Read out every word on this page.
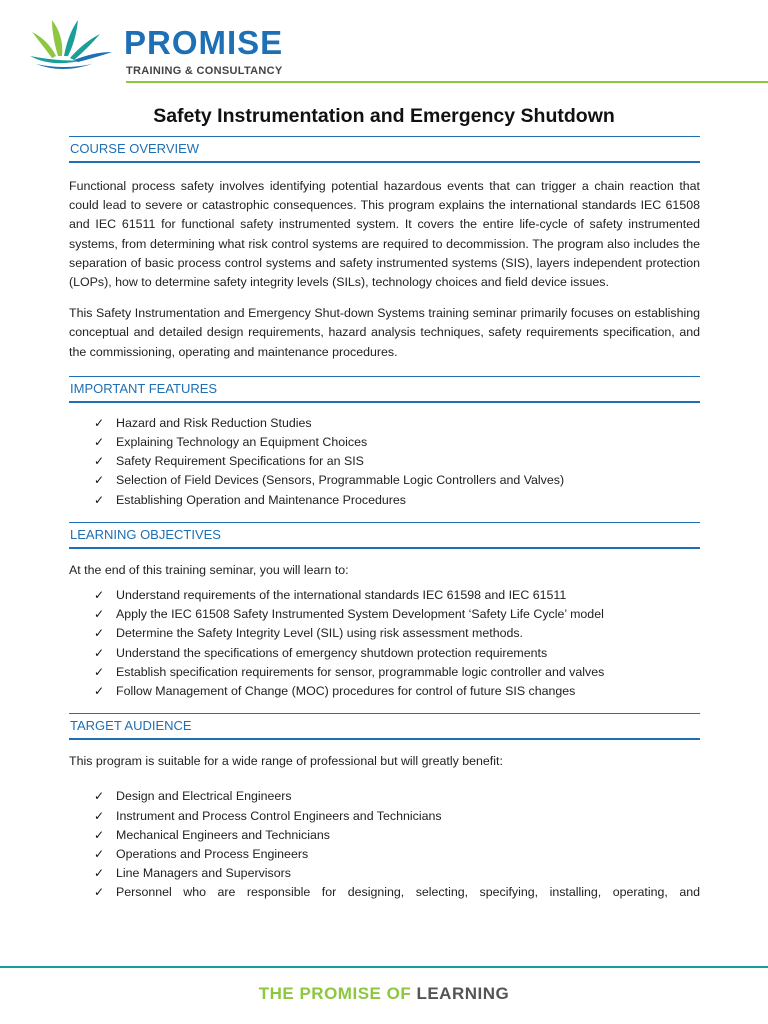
PROMISE
TRAINING & CONSULTANCY
Safety Instrumentation and Emergency Shutdown
COURSE OVERVIEW

Functional process safety involves identifying potential hazardous events that can trigger a chain reaction that could lead to severe or catastrophic consequences. This program explains the international standards IEC 61508 and IEC 61511 for functional safety instrumented system. It covers the entire life-cycle of safety instrumented systems, from determining what risk control systems are required to decommission. The program also includes the separation of basic process control systems and safety instrumented systems (SIS), layers independent protection (LOPs), how to determine safety integrity levels (SILs), technology choices and field device issues.

This Safety Instrumentation and Emergency Shut-down Systems training seminar primarily focuses on establishing conceptual and detailed design requirements, hazard analysis techniques, safety requirements specification, and the commissioning, operating and maintenance procedures.

IMPORTANT FEATURES
✓ Hazard and Risk Reduction Studies
✓ Explaining Technology an Equipment Choices
✓ Safety Requirement Specifications for an SIS
✓ Selection of Field Devices (Sensors, Programmable Logic Controllers and Valves)
✓ Establishing Operation and Maintenance Procedures
LEARNING OBJECTIVES

At the end of this training seminar, you will learn to:

✓ Understand requirements of the international standards IEC 61598 and IEC 61511
✓ Apply the IEC 61508 Safety Instrumented System Development ‘Safety Life Cycle’ model
✓ Determine the Safety Integrity Level (SIL) using risk assessment methods.
✓ Understand the specifications of emergency shutdown protection requirements
✓ Establish specification requirements for sensor, programmable logic controller and valves
✓ Follow Management of Change (MOC) procedures for control of future SIS changes
TARGET AUDIENCE

This program is suitable for a wide range of professional but will greatly benefit:

✓ Design and Electrical Engineers
✓ Instrument and Process Control Engineers and Technicians
✓ Mechanical Engineers and Technicians
✓ Operations and Process Engineers
✓ Line Managers and Supervisors
✓ Personnel who are responsible for designing, selecting, specifying, installing, operating, and
THE PROMISE OF LEARNING
